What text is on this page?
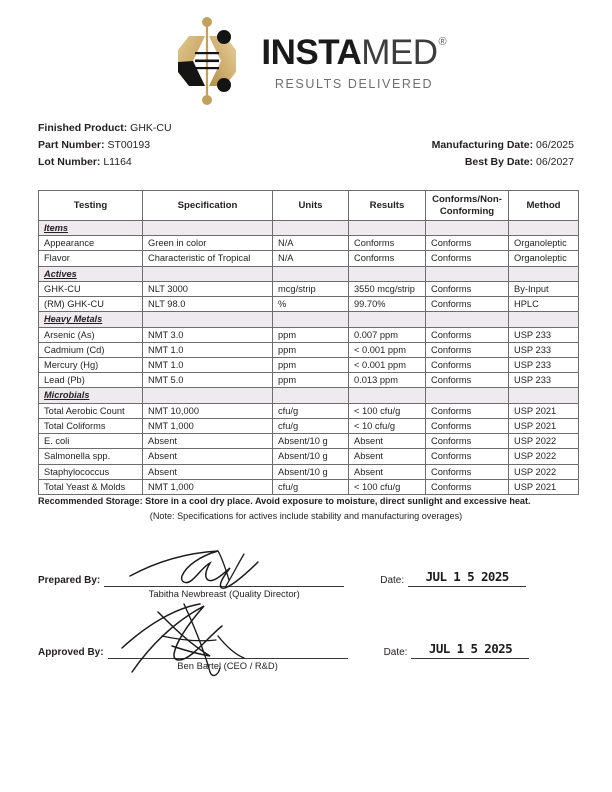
INSTA MED ®
RESULTS DELIVERED
Finished Product: GHK-CU
Part Number: ST00193	Manufacturing Date: 06/2025
Lot Number: L1164	Best By Date: 06/2027
Testing	Specification	Units	Results	Conforms/Non-Conforming	Method
Items					
Appearance	Green in color	N/A	Conforms	Conforms	Organoleptic
Flavor	Characteristic of Tropical	N/A	Conforms	Conforms	Organoleptic
Actives					
GHK-CU	NLT 3000	mcg/strip	3550 mcg/strip	Conforms	By-Input
(RM) GHK-CU	NLT 98.0	%	99.70%	Conforms	HPLC
Heavy Metals					
Arsenic (As)	NMT 3.0	ppm	0.007 ppm	Conforms	USP 233
Cadmium (Cd)	NMT 1.0	ppm	< 0.001 ppm	Conforms	USP 233
Mercury (Hg)	NMT 1.0	ppm	< 0.001 ppm	Conforms	USP 233
Lead (Pb)	NMT 5.0	ppm	0.013 ppm	Conforms	USP 233
Microbials					
Total Aerobic Count	NMT 10,000	cfu/g	< 100 cfu/g	Conforms	USP 2021
Total Coliforms	NMT 1,000	cfu/g	< 10 cfu/g	Conforms	USP 2021
E. coli	Absent	Absent/10 g	Absent	Conforms	USP 2022
Salmonella spp.	Absent	Absent/10 g	Absent	Conforms	USP 2022
Staphylococcus	Absent	Absent/10 g	Absent	Conforms	USP 2022
Total Yeast & Molds	NMT 1,000	cfu/g	< 100 cfu/g	Conforms	USP 2021
Recommended Storage: Store in a cool dry place. Avoid exposure to moisture, direct sunlight and excessive heat.
(Note: Specifications for actives include stability and manufacturing overages)
Prepared By:
Tabitha Newbreast (Quality Director)
Date:	JUL 1 5 2025
Approved By:
Ben Bartel (CEO / R&D)
Date:	JUL 1 5 2025
